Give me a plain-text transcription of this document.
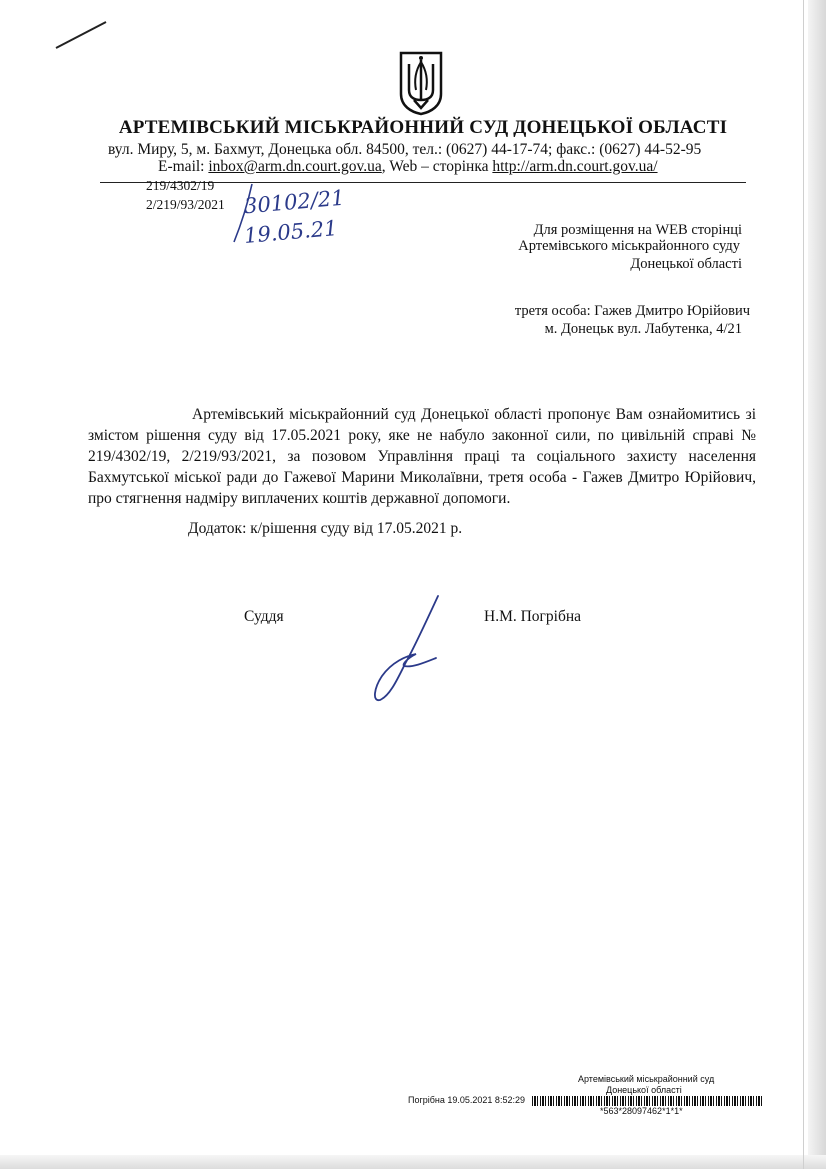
АРТЕМІВСЬКИЙ МІСЬКРАЙОННИЙ СУД ДОНЕЦЬКОЇ ОБЛАСТІ
вул. Миру, 5, м. Бахмут, Донецька обл. 84500, тел.: (0627) 44-17-74; факс.: (0627) 44-52-95
E-mail: inbox@arm.dn.court.gov.ua, Web – сторінка http://arm.dn.court.gov.ua/
219/4302/19
2/219/93/2021 30102/21
19.05.21	Для розміщення на WEB сторінці
Артемівського міськрайонного суду
Донецької області
третя особа: Гажев Дмитро Юрійович
м. Донецьк вул. Лабутенка, 4/21
Артемівський міськрайонний суд Донецької області пропонує Вам ознайомитись зі змістом рішення суду від 17.05.2021 року, яке не набуло законної сили, по цивільній справі № 219/4302/19, 2/219/93/2021, за позовом Управління праці та соціального захисту населення Бахмутської міської ради до Гажевої Марини Миколаївни, третя особа - Гажев Дмитро Юрійович, про стягнення надміру виплачених коштів державної допомоги.
Додаток: к/рішення суду від 17.05.2021 р.
Суддя	Н.М. Погрібна
Артемівський міськрайонний суд
Донецької області
Погрібна 19.05.2021 8:52:29
*563*28097462*1*1*
